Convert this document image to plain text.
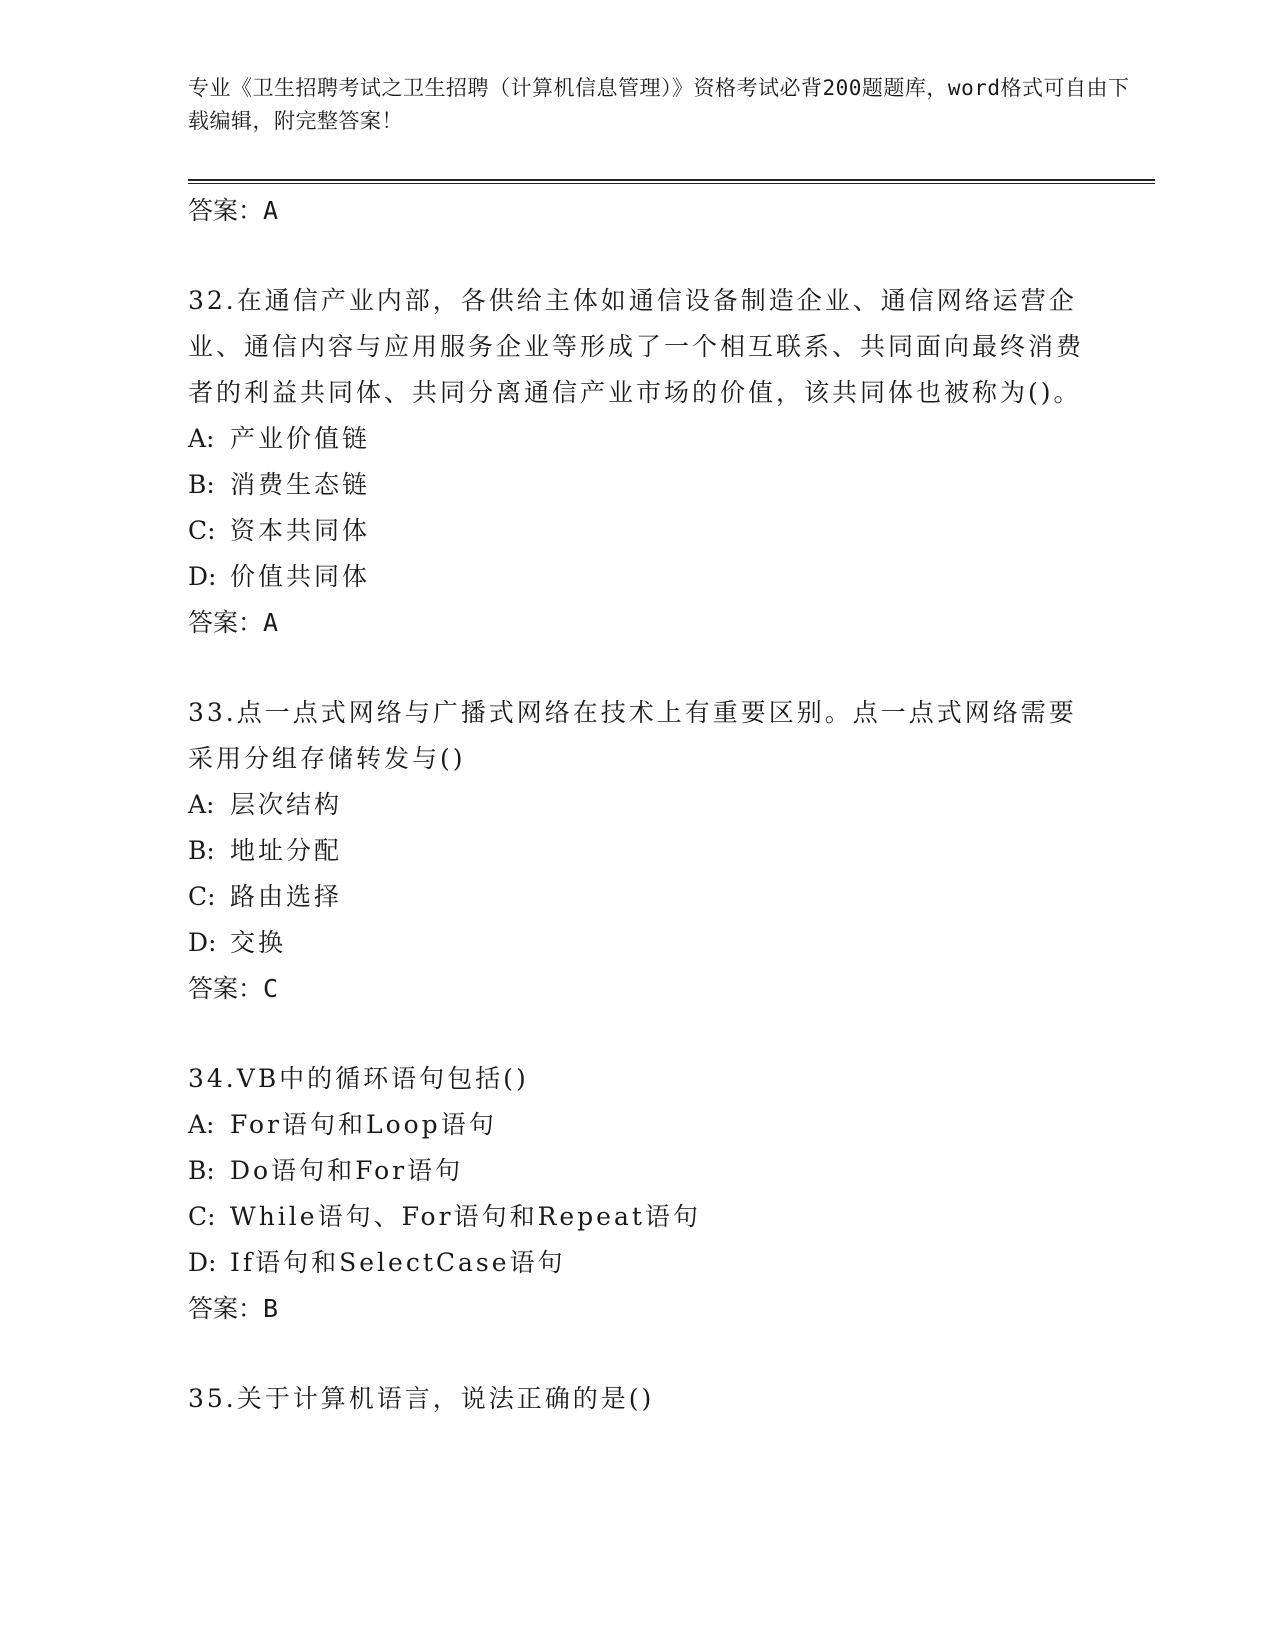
专业《卫生招聘考试之卫生招聘（计算机信息管理）》资格考试必背200题题库，word格式可自由下载编辑，附完整答案！
答案：A
32.在通信产业内部，各供给主体如通信设备制造企业、通信网络运营企业、通信内容与应用服务企业等形成了一个相互联系、共同面向最终消费者的利益共同体、共同分离通信产业市场的价值，该共同体也被称为()。
A: 产业价值链
B: 消费生态链
C: 资本共同体
D: 价值共同体
答案：A
33.点一点式网络与广播式网络在技术上有重要区别。点一点式网络需要采用分组存储转发与()
A: 层次结构
B: 地址分配
C: 路由选择
D: 交换
答案：C
34.VB中的循环语句包括()
A: For语句和Loop语句
B: Do语句和For语句
C: While语句、For语句和Repeat语句
D: If语句和SelectCase语句
答案：B
35.关于计算机语言，说法正确的是()
